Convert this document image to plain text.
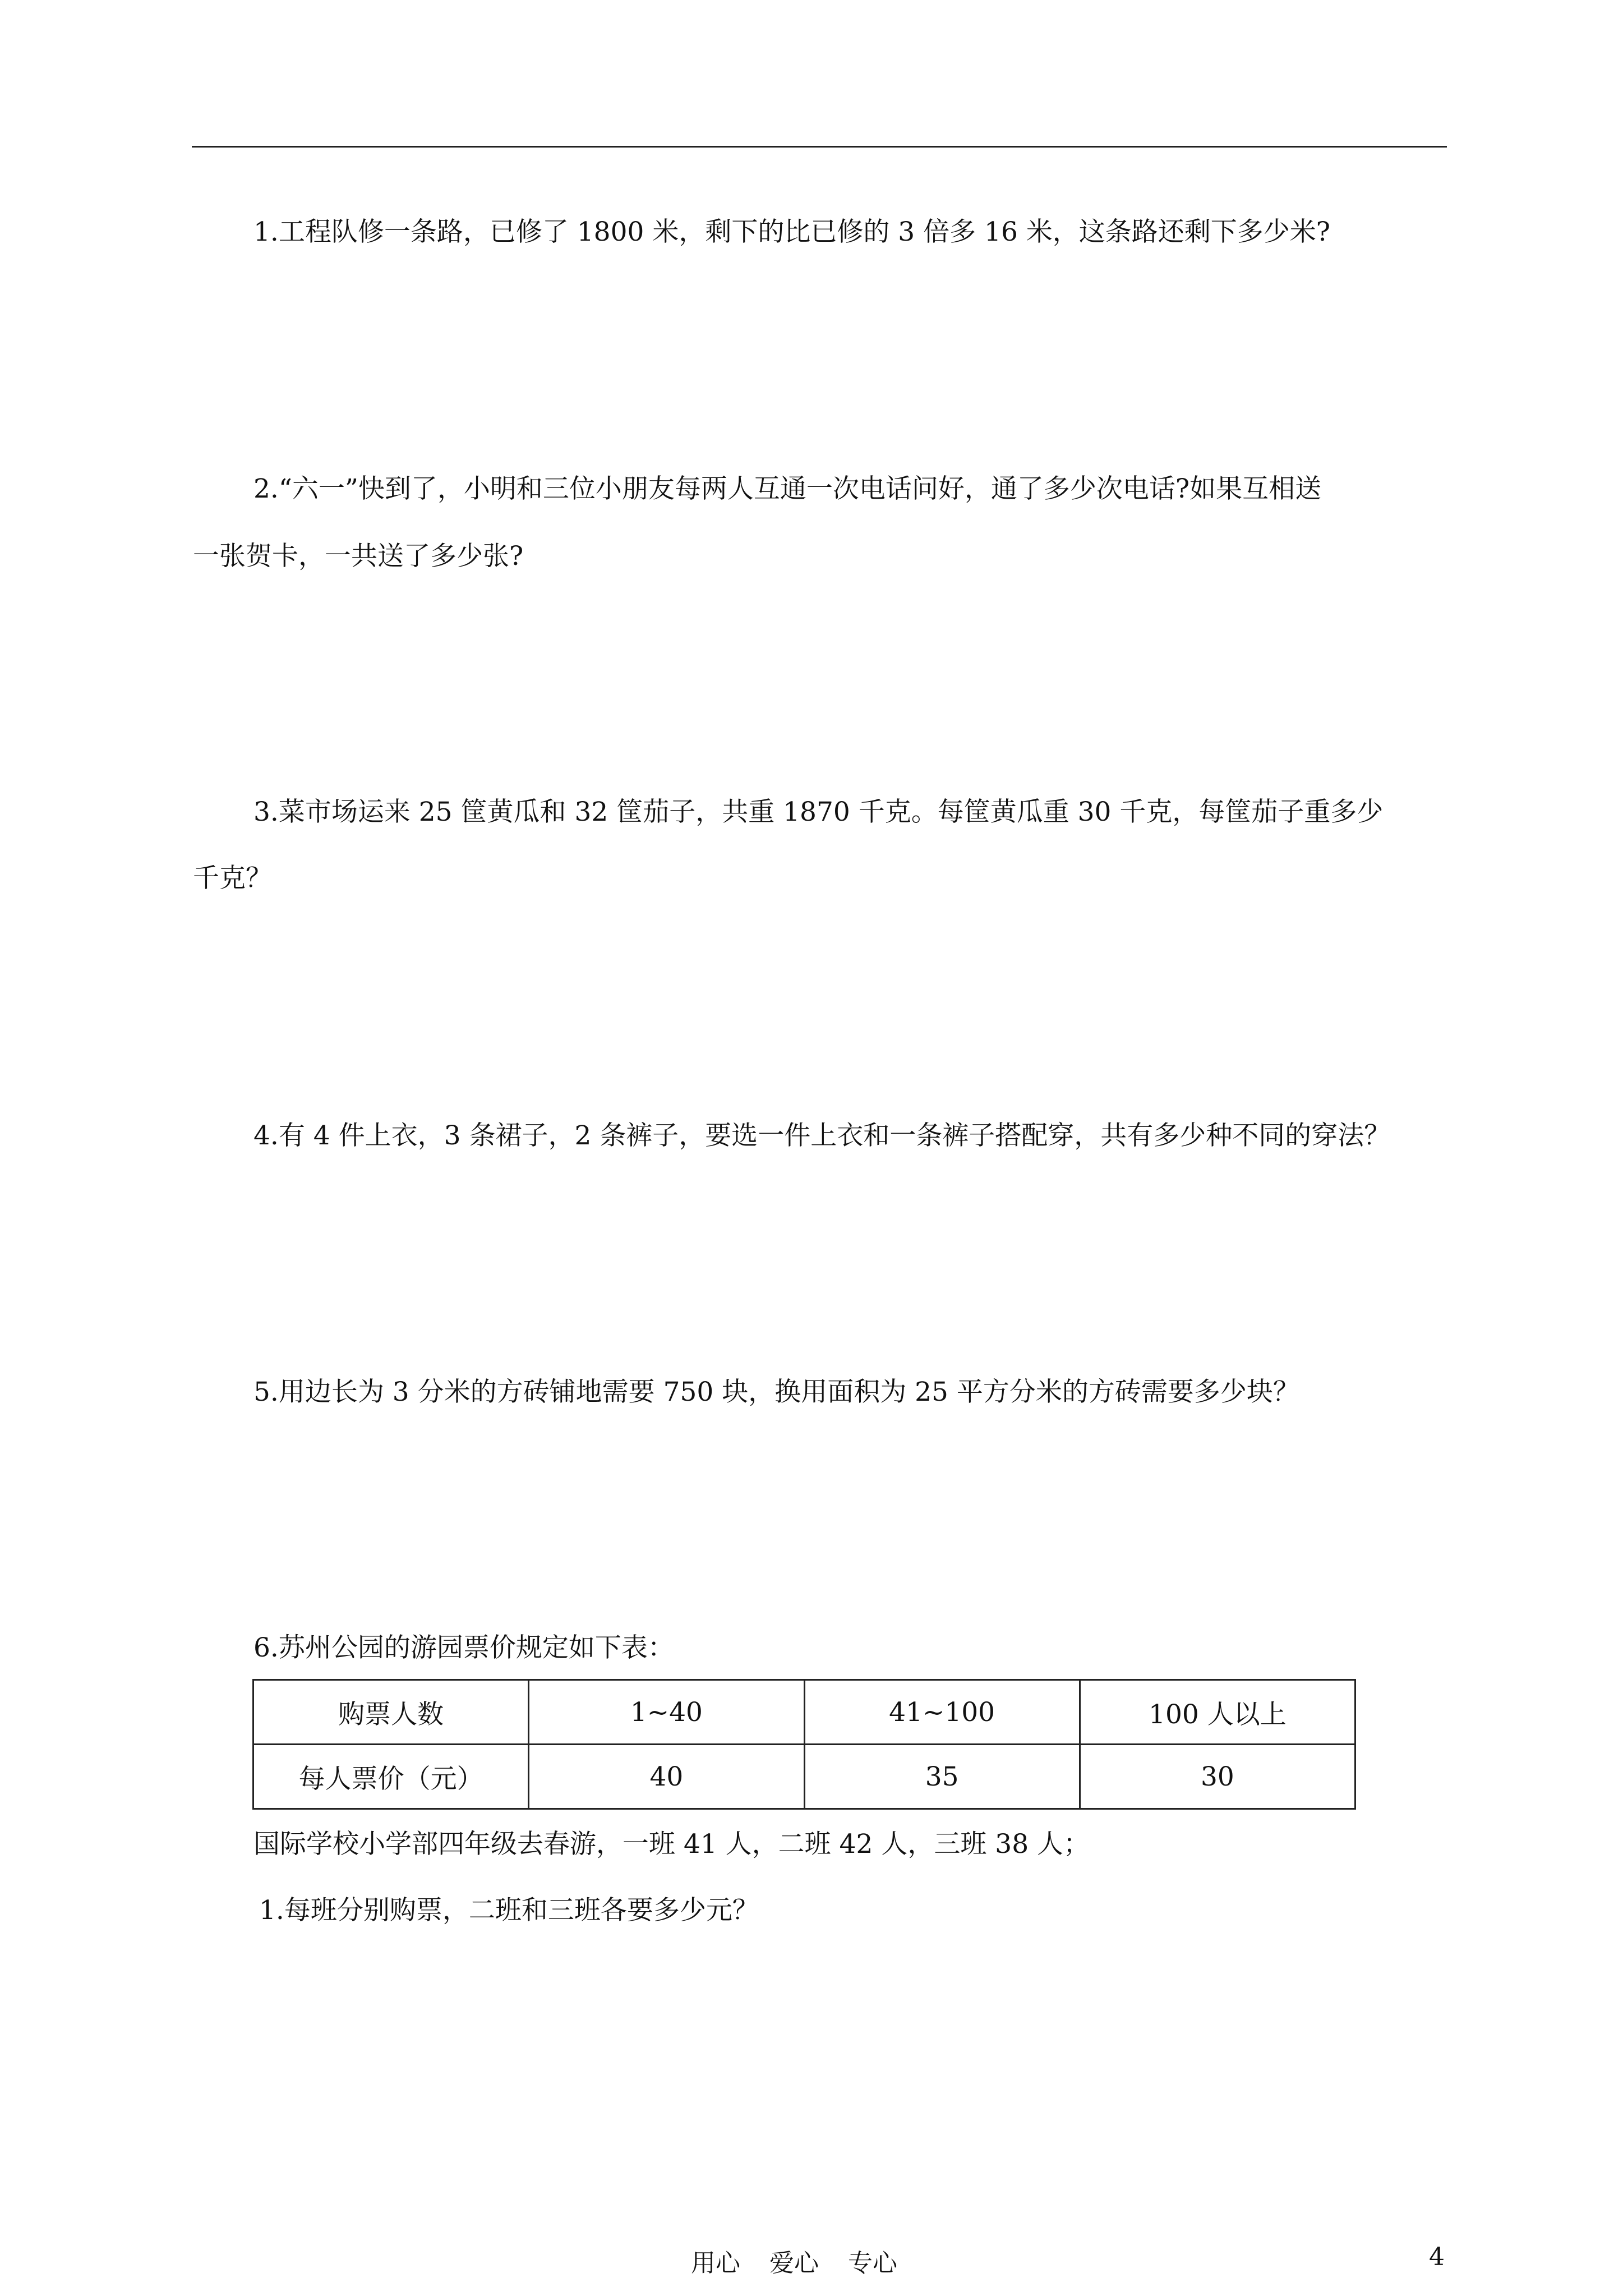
1.工程队修一条路，已修了 1800 米，剩下的比已修的 3 倍多 16 米，这条路还剩下多少米?
2.“六一”快到了，小明和三位小朋友每两人互通一次电话问好，通了多少次电话?如果互相送
一张贺卡，一共送了多少张?
3.菜市场运来 25 筐黄瓜和 32 筐茄子，共重 1870 千克。每筐黄瓜重 30 千克，每筐茄子重多少
千克？
4.有 4 件上衣，3 条裙子，2 条裤子，要选一件上衣和一条裤子搭配穿，共有多少种不同的穿法？
5.用边长为 3 分米的方砖铺地需要 750 块，换用面积为 25 平方分米的方砖需要多少块？
6.苏州公园的游园票价规定如下表：
购票人数	1~40	41~100	100 人以上
每人票价（元）	40	35	30
国际学校小学部四年级去春游，一班 41 人，二班 42 人，三班 38 人；
1.每班分别购票，二班和三班各要多少元？
用心 爱心 专心	4
